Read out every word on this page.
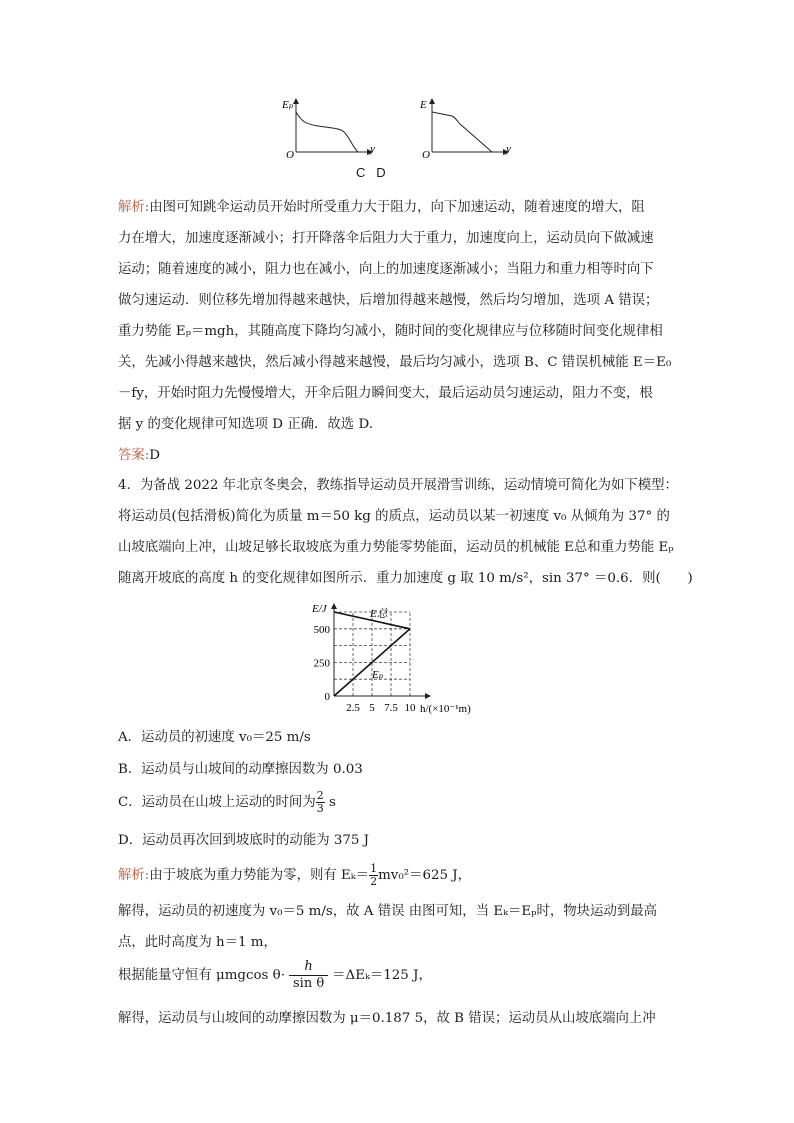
Eₚ
O	y
E
O	y
C   D
解析:由图可知跳伞运动员开始时所受重力大于阻力，向下加速运动，随着速度的增大，阻
力在增大，加速度逐渐减小；打开降落伞后阻力大于重力，加速度向上，运动员向下做减速
运动；随着速度的减小，阻力也在减小，向上的加速度逐渐减小；当阻力和重力相等时向下
做匀速运动．则位移先增加得越来越快，后增加得越来越慢，然后均匀增加，选项 A 错误；
重力势能 Eₚ＝mgh，其随高度下降均匀减小，随时间的变化规律应与位移随时间变化规律相
关，先减小得越来越快，然后减小得越来越慢，最后均匀减小，选项 B、C 错误机械能 E＝E₀
－fy，开始时阻力先慢慢增大，开伞后阻力瞬间变大，最后运动员匀速运动，阻力不变，根
据 y 的变化规律可知选项 D 正确．故选 D.
答案:D
4．为备战 2022 年北京冬奥会，教练指导运动员开展滑雪训练，运动情境可简化为如下模型：
将运动员(包括滑板)简化为质量 m＝50 kg 的质点，运动员以某一初速度 v₀ 从倾角为 37° 的
山坡底端向上冲，山坡足够长取坡底为重力势能零势能面，运动员的机械能 E总和重力势能 Eₚ
随离开坡底的高度 h 的变化规律如图所示．重力加速度 g 取 10 m/s²，sin 37° ＝0.6．则(　　)
2.5 5 7.5 10
0
250
500
E/J
h/(×10⁻¹m)
E总
Eₚ
A．运动员的初速度 v₀＝25 m/s
B．运动员与山坡间的动摩擦因数为 0.03
C．运动员在山坡上运动的时间为 $\frac{2}{3}$ s
D．运动员再次回到坡底时的动能为 375 J
解析:由于坡底为重力势能为零，则有 $E_k= \frac{1}{2} mv_0^2=625$ J，
解得，运动员的初速度为 v₀＝5 m/s，故 A 错误 由图可知，当 Eₖ＝Eₚ时，物块运动到最高
点，此时高度为 h＝1 m，
根据能量守恒有 μmgcos $\theta\cdot \frac{h}{\text{sin θ}} =\Delta E_k=125$ J，
解得，运动员与山坡间的动摩擦因数为 μ＝0.187 5，故 B 错误；运动员从山坡底端向上冲
